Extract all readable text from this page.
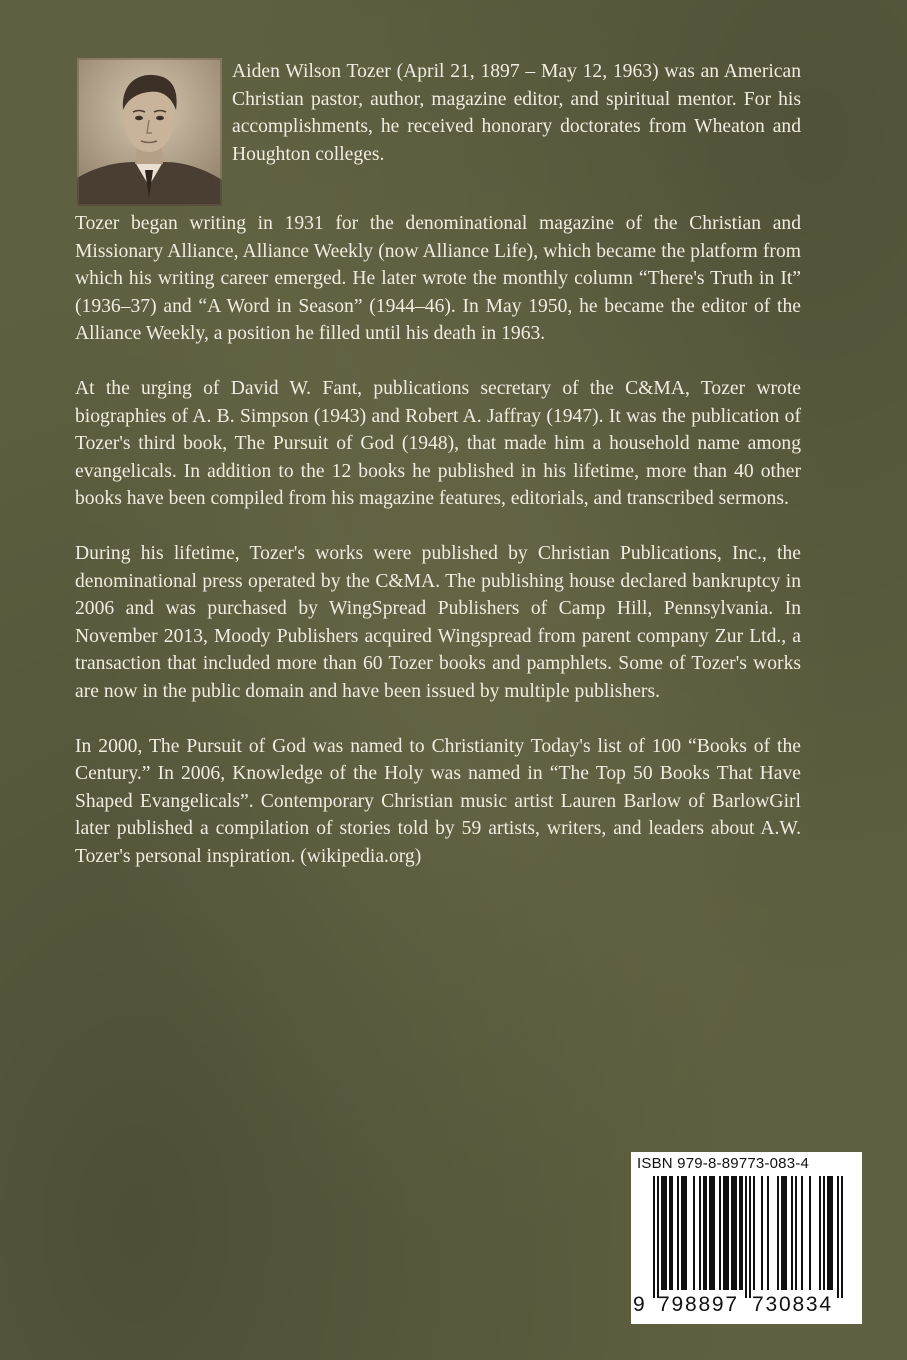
Aiden Wilson Tozer (April 21, 1897 – May 12, 1963) was an American Christian pastor, author, magazine editor, and spiritual mentor. For his accomplishments, he received honorary doctorates from Wheaton and Houghton colleges.

Tozer began writing in 1931 for the denominational magazine of the Christian and Missionary Alliance, Alliance Weekly (now Alliance Life), which became the platform from which his writing career emerged. He later wrote the monthly column “There's Truth in It” (1936–37) and “A Word in Season” (1944–46). In May 1950, he became the editor of the Alliance Weekly, a position he filled until his death in 1963.

At the urging of David W. Fant, publications secretary of the C&MA, Tozer wrote biographies of A. B. Simpson (1943) and Robert A. Jaffray (1947). It was the publication of Tozer's third book, The Pursuit of God (1948), that made him a household name among evangelicals. In addition to the 12 books he published in his lifetime, more than 40 other books have been compiled from his magazine features, editorials, and transcribed sermons.

During his lifetime, Tozer's works were published by Christian Publications, Inc., the denominational press operated by the C&MA. The publishing house declared bankruptcy in 2006 and was purchased by WingSpread Publishers of Camp Hill, Pennsylvania. In November 2013, Moody Publishers acquired Wingspread from parent company Zur Ltd., a transaction that included more than 60 Tozer books and pamphlets. Some of Tozer's works are now in the public domain and have been issued by multiple publishers.

In 2000, The Pursuit of God was named to Christianity Today's list of 100 “Books of the Century.” In 2006, Knowledge of the Holy was named in “The Top 50 Books That Have Shaped Evangelicals”. Contemporary Christian music artist Lauren Barlow of BarlowGirl later published a compilation of stories told by 59 artists, writers, and leaders about A.W. Tozer's personal inspiration. (wikipedia.org)

ISBN 979-8-89773-083-4
9 798897 730834
